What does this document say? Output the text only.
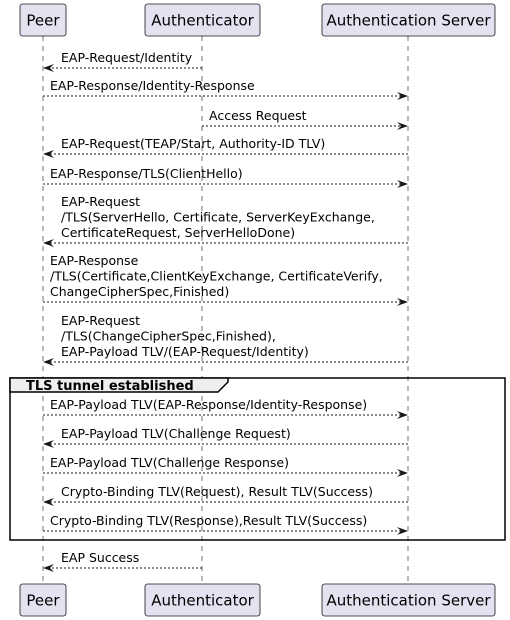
TLS tunnel established
EAP-Request/Identity
EAP-Response/Identity-Response
Access Request
EAP-Request(TEAP/Start, Authority-ID TLV)
EAP-Response/TLS(ClientHello)
EAP-Request
/TLS(ServerHello, Certificate, ServerKeyExchange,
CertificateRequest, ServerHelloDone)
EAP-Response
/TLS(Certificate,ClientKeyExchange, CertificateVerify,
ChangeCipherSpec,Finished)
EAP-Request
/TLS(ChangeCipherSpec,Finished),
EAP-Payload TLV/(EAP-Request/Identity)
EAP-Payload TLV(EAP-Response/Identity-Response)
EAP-Payload TLV(Challenge Request)
EAP-Payload TLV(Challenge Response)
Crypto-Binding TLV(Request), Result TLV(Success)
Crypto-Binding TLV(Response),Result TLV(Success)
EAP Success
Peer	Authenticator	Authentication Server
Peer	Authenticator	Authentication Server
